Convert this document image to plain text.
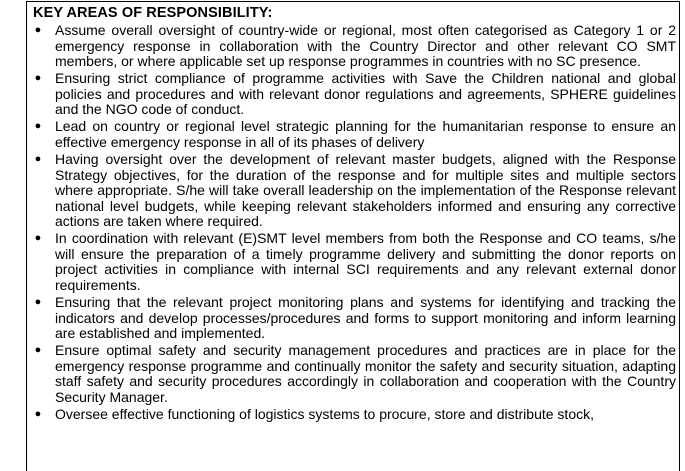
KEY AREAS OF RESPONSIBILITY:
● Assume overall oversight of country-wide or regional, most often categorised as Category 1 or 2 emergency response in collaboration with the Country Director and other relevant CO SMT members, or where applicable set up response programmes in countries with no SC presence.
● Ensuring strict compliance of programme activities with Save the Children national and global policies and procedures and with relevant donor regulations and agreements, SPHERE guidelines and the NGO code of conduct.
● Lead on country or regional level strategic planning for the humanitarian response to ensure an effective emergency response in all of its phases of delivery
● Having oversight over the development of relevant master budgets, aligned with the Response Strategy objectives, for the duration of the response and for multiple sites and multiple sectors where appropriate. S/he will take overall leadership on the implementation of the Response relevant national level budgets, while keeping relevant stakeholders informed and ensuring any corrective actions are taken where required.
● In coordination with relevant (E)SMT level members from both the Response and CO teams, s/he will ensure the preparation of a timely programme delivery and submitting the donor reports on project activities in compliance with internal SCI requirements and any relevant external donor requirements.
● Ensuring that the relevant project monitoring plans and systems for identifying and tracking the indicators and develop processes/procedures and forms to support monitoring and inform learning are established and implemented.
● Ensure optimal safety and security management procedures and practices are in place for the emergency response programme and continually monitor the safety and security situation, adapting staff safety and security procedures accordingly in collaboration and cooperation with the Country Security Manager.
● Oversee effective functioning of logistics systems to procure, store and distribute stock,
